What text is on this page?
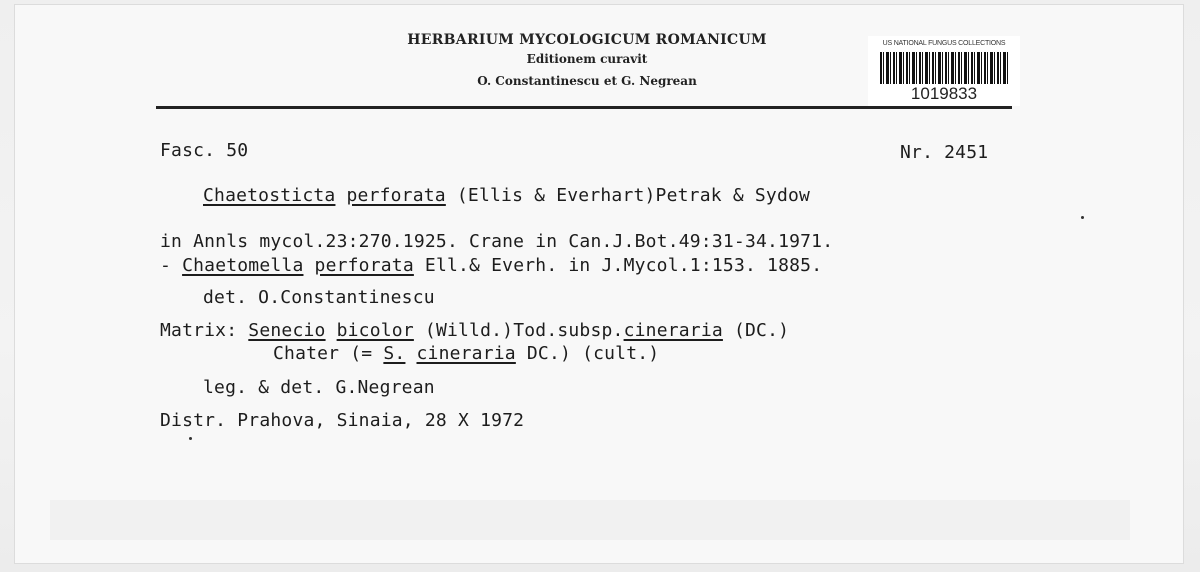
HERBARIUM MYCOLOGICUM ROMANICUM
Editionem curavit
O. Constantinescu et G. Negrean
US NATIONAL FUNGUS COLLECTIONS
1019833
Fasc. 50	Nr. 2451
Chaetosticta perforata (Ellis & Everhart)Petrak & Sydow
in Annls mycol.23:270.1925. Crane in Can.J.Bot.49:31-34.1971.
- Chaetomella perforata Ell.& Everh. in J.Mycol.1:153. 1885.
det. O.Constantinescu
Matrix: Senecio bicolor (Willd.)Tod.subsp.cineraria (DC.)
Chater (= S. cineraria DC.) (cult.)
leg. & det. G.Negrean
Distr. Prahova, Sinaia, 28 X 1972
